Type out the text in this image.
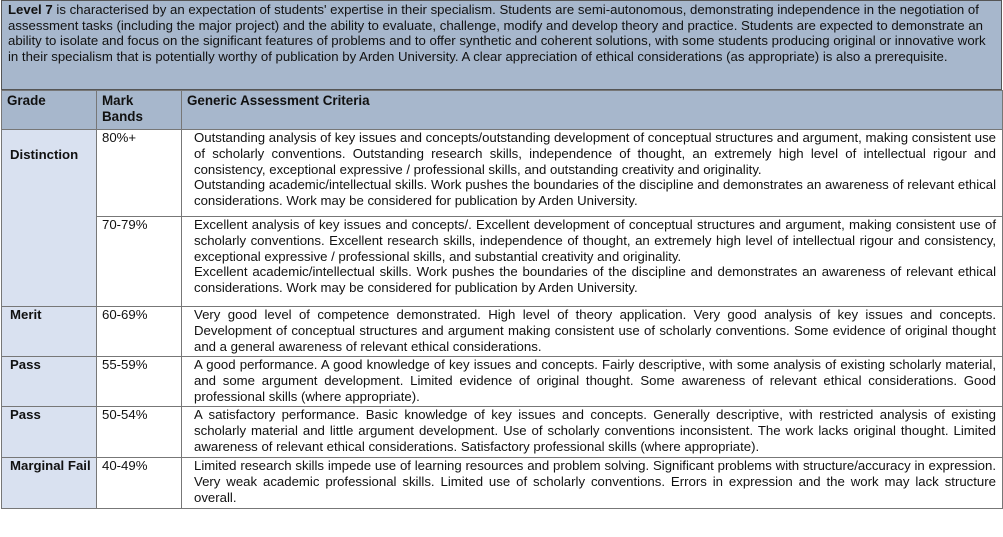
Level 7 is characterised by an expectation of students' expertise in their specialism. Students are semi-autonomous, demonstrating independence in the negotiation of assessment tasks (including the major project) and the ability to evaluate, challenge, modify and develop theory and practice. Students are expected to demonstrate an ability to isolate and focus on the significant features of problems and to offer synthetic and coherent solutions, with some students producing original or innovative work in their specialism that is potentially worthy of publication by Arden University. A clear appreciation of ethical considerations (as appropriate) is also a prerequisite.
Grade	Mark Bands	Generic Assessment Criteria
Distinction	80%+	Outstanding analysis of key issues and concepts/outstanding development of conceptual structures and argument, making consistent use of scholarly conventions. Outstanding research skills, independence of thought, an extremely high level of intellectual rigour and consistency, exceptional expressive / professional skills, and outstanding creativity and originality.
Outstanding academic/intellectual skills. Work pushes the boundaries of the discipline and demonstrates an awareness of relevant ethical considerations. Work may be considered for publication by Arden University.

	70-79%	Excellent analysis of key issues and concepts/. Excellent development of conceptual structures and argument, making consistent use of scholarly conventions. Excellent research skills, independence of thought, an extremely high level of intellectual rigour and consistency, exceptional expressive / professional skills, and substantial creativity and originality.
Excellent academic/intellectual skills. Work pushes the boundaries of the discipline and demonstrates an awareness of relevant ethical considerations. Work may be considered for publication by Arden University.

Merit	60-69%	Very good level of competence demonstrated. High level of theory application. Very good analysis of key issues and concepts. Development of conceptual structures and argument making consistent use of scholarly conventions. Some evidence of original thought and a general awareness of relevant ethical considerations.
Pass	55-59%	A good performance. A good knowledge of key issues and concepts. Fairly descriptive, with some analysis of existing scholarly material, and some argument development. Limited evidence of original thought. Some awareness of relevant ethical considerations. Good professional skills (where appropriate).
Pass	50-54%	A satisfactory performance. Basic knowledge of key issues and concepts. Generally descriptive, with restricted analysis of existing scholarly material and little argument development. Use of scholarly conventions inconsistent. The work lacks original thought. Limited awareness of relevant ethical considerations. Satisfactory professional skills (where appropriate).
Marginal Fail	40-49%	Limited research skills impede use of learning resources and problem solving. Significant problems with structure/accuracy in expression. Very weak academic professional skills. Limited use of scholarly conventions. Errors in expression and the work may lack structure overall.
